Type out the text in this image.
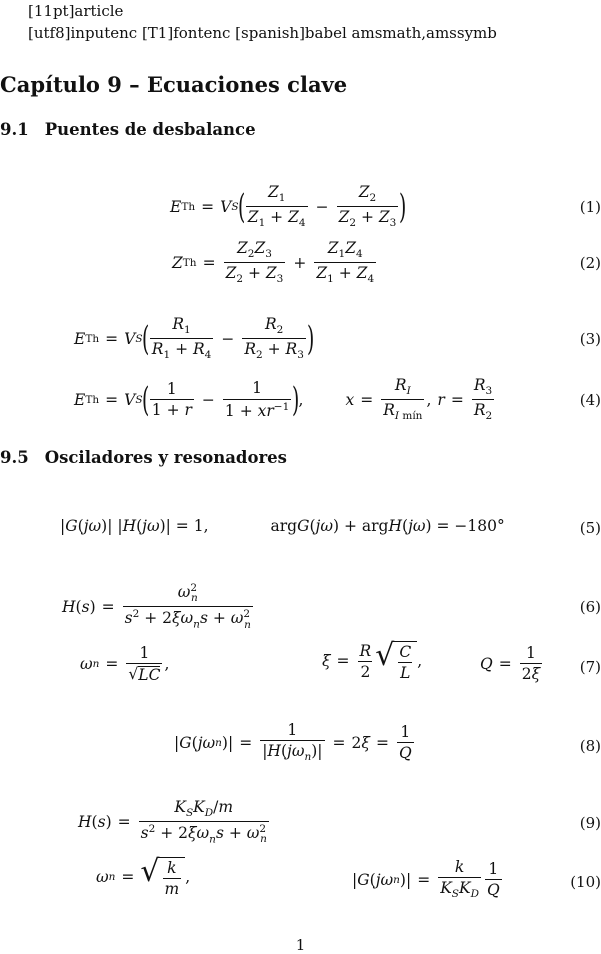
[11pt]article
[utf8]inputenc [T1]fontenc [spanish]babel amsmath,amssymb
Capítulo 9 – Ecuaciones clave
9.1 Puentes de desbalance
E Th = V S
( $\frac{Z_1}{Z_1 + Z_4} - \frac{Z_2}{Z_2 + Z_3}$ )	(1)
Z $Th = \frac{Z_2Z_3}{Z_2 + Z_3} + \frac{Z_1Z_4}{Z_1 + Z_4}$	(2)
E Th = V S
( $\frac{R_1}{R_1 + R_4} - \frac{R_2}{R_2 + R_3}$ )	(3)
E Th = V S
( $\frac{1}{1 + r} - \frac{1}{1 + xr^{-1}}$ )
,	$x = \frac{R_I}{R_{I mín}}$ , $r = \frac{R_3}{R_2}$	(4)
9.5 Osciladores y resonadores
| G ( jω )| | H ( jω )| = 1,	arg G ( jω ) + arg H ( jω ) = −180°	(5)
H ( s ) = $\frac{\omega^2_n}{s^2 + 2\xi\omega_ns + \omega^2_n}$	(6)
ω $n = \frac{1}{√ LC}$ ,	$\xi = \frac{R}{2}$ √ $\frac{C}{L}$ ,	$Q = \frac{1}{2\xi}$	(7)
| G ( jω n )| = $\frac{1}{|H(j\omega_n)|} = 2$ $\xi = \frac{1}{Q}$	(8)
H ( s ) = $\frac{K_SK_D/m}{s^2 + 2\xi\omega_ns + \omega^2_n}$	(9)
ω n = √ $\frac{k}{m}$ ,	| G ( jω n )| = $\frac{k}{K_SK_D} \frac{1}{Q}$	(10)
1
